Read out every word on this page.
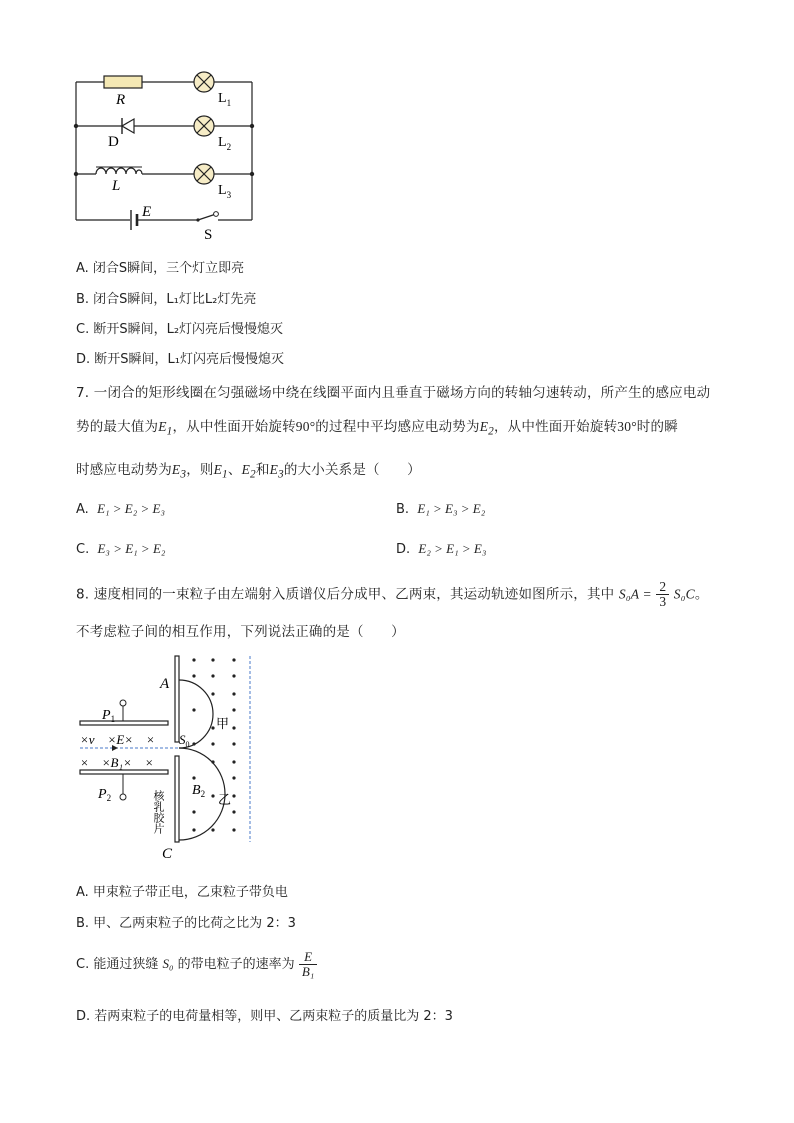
R	$L_1$
D	$L_2$
L	$L_3$
E
S
A. 闭合S瞬间，三个灯立即亮
B. 闭合S瞬间，L₁灯比L₂灯先亮
C. 断开S瞬间，L₂灯闪亮后慢慢熄灭
D. 断开S瞬间，L₁灯闪亮后慢慢熄灭
7. 一闭合的矩形线圈在匀强磁场中绕在线圈平面内且垂直于磁场方向的转轴匀速转动，所产生的感应电动
势的最大值为$E_1$，从中性面开始旋转90°的过程中平均感应电动势为$E_2$，从中性面开始旋转30°时的瞬
时感应电动势为$E_3$，则$E_1$、$E_2$和$E_3$的大小关系是（　　）
A. E₁ > E₂ > E₃	B. E₁ > E₃ > E₂
C. E₃ > E₁ > E₂	D. E₂ > E₁ > E₃
8. 速度相同的一束粒子由左端射入质谱仪后分成甲、乙两束，其运动轨迹如图所示，其中 $S_0A = \frac{2}{3} S_0C$。
不考虑粒子间的相互作用，下列说法正确的是（　　）
A
C
$P_1$
$P_2$
×v　×E×　×
×　×B₁×　×
$S_0$
$B_2$
甲
乙
核乳胶片
A. 甲束粒子带正电，乙束粒子带负电
B. 甲、乙两束粒子的比荷之比为 2：3
C. 能通过狭缝 S₀ 的带电粒子的速率为 $\frac{E}{\text{B₁}}$
D. 若两束粒子的电荷量相等，则甲、乙两束粒子的质量比为 2：3
